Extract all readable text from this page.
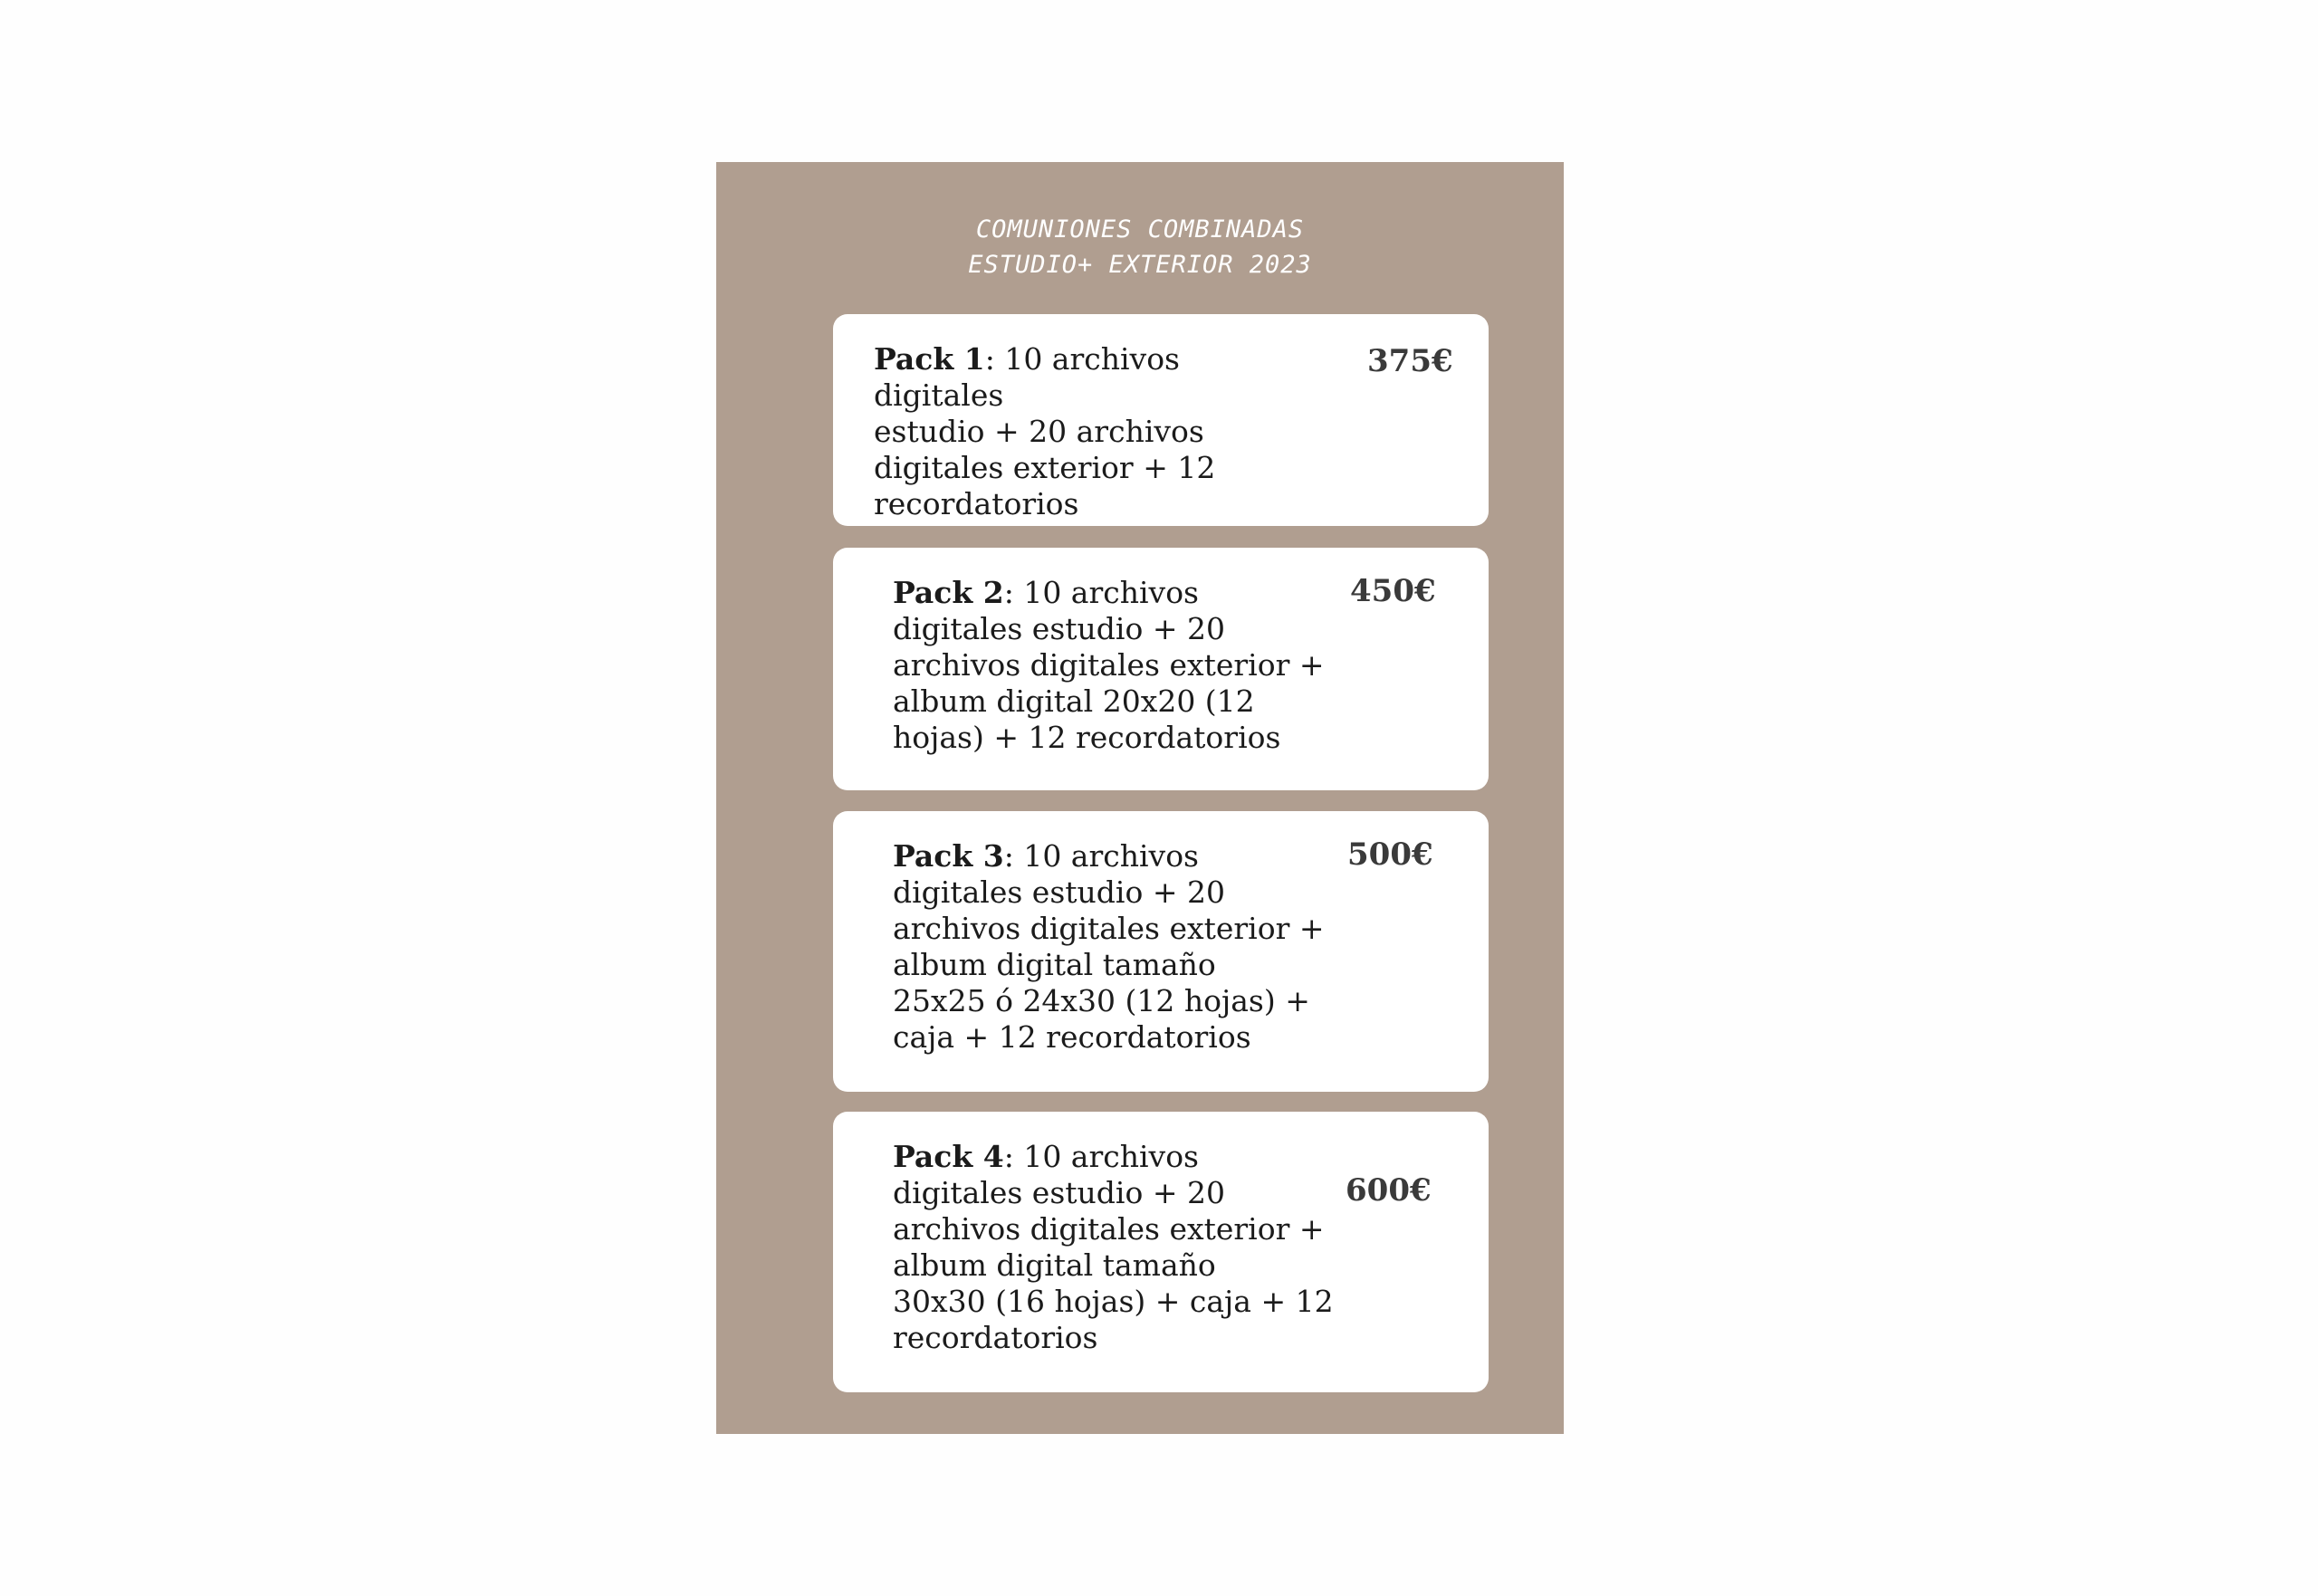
COMUNIONES COMBINADAS
ESTUDIO+ EXTERIOR 2023
Pack 1: 10 archivos digitales
estudio + 20 archivos
digitales exterior + 12
recordatorios
375€
Pack 2: 10 archivos
digitales estudio + 20
archivos digitales exterior +
album digital 20x20 (12
hojas) + 12 recordatorios
450€
Pack 3: 10 archivos
digitales estudio + 20
archivos digitales exterior +
album digital tamaño
25x25 ó 24x30 (12 hojas) +
caja + 12 recordatorios
500€
Pack 4: 10 archivos
digitales estudio + 20
archivos digitales exterior +
album digital tamaño
30x30 (16 hojas) + caja + 12
recordatorios
600€
